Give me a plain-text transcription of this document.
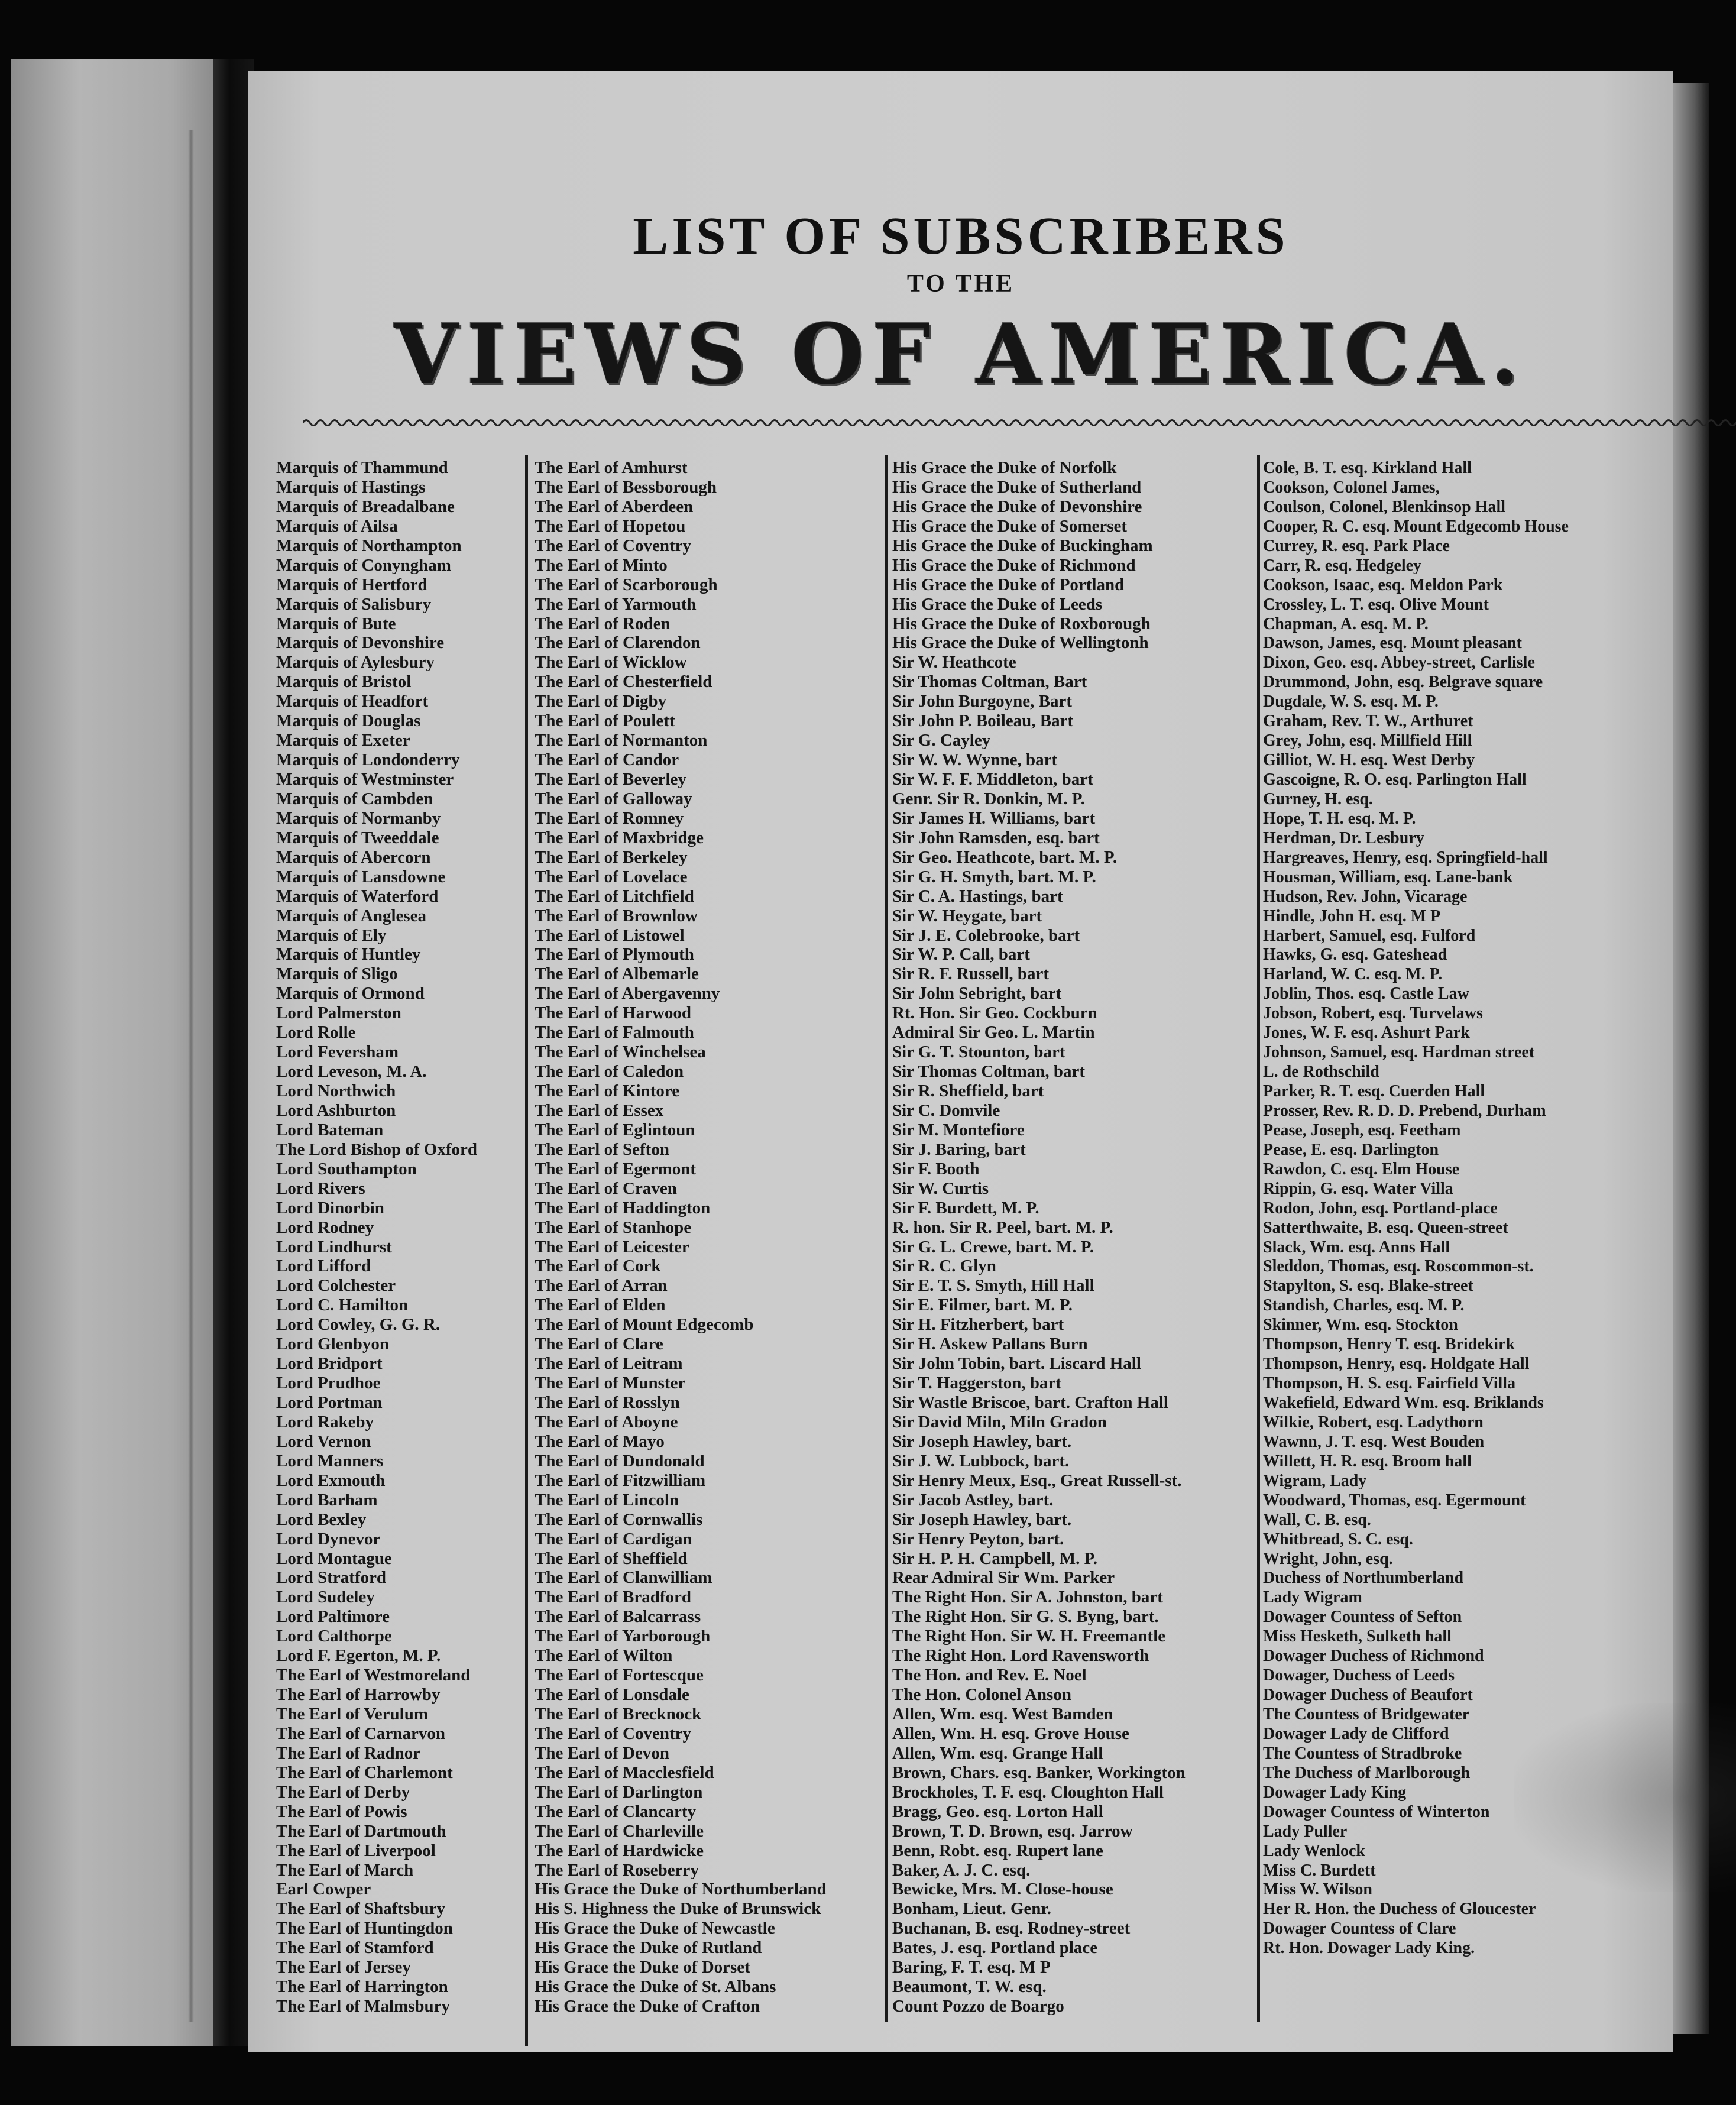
LIST OF SUBSCRIBERS
TO THE
VIEWS OF AMERICA.
Marquis of Thammund
Marquis of Hastings
Marquis of Breadalbane
Marquis of Ailsa
Marquis of Northampton
Marquis of Conyngham
Marquis of Hertford
Marquis of Salisbury
Marquis of Bute
Marquis of Devonshire
Marquis of Aylesbury
Marquis of Bristol
Marquis of Headfort
Marquis of Douglas
Marquis of Exeter
Marquis of Londonderry
Marquis of Westminster
Marquis of Cambden
Marquis of Normanby
Marquis of Tweeddale
Marquis of Abercorn
Marquis of Lansdowne
Marquis of Waterford
Marquis of Anglesea
Marquis of Ely
Marquis of Huntley
Marquis of Sligo
Marquis of Ormond
Lord Palmerston
Lord Rolle
Lord Feversham
Lord Leveson, M. A.
Lord Northwich
Lord Ashburton
Lord Bateman
The Lord Bishop of Oxford
Lord Southampton
Lord Rivers
Lord Dinorbin
Lord Rodney
Lord Lindhurst
Lord Lifford
Lord Colchester
Lord C. Hamilton
Lord Cowley, G. G. R.
Lord Glenbyon
Lord Bridport
Lord Prudhoe
Lord Portman
Lord Rakeby
Lord Vernon
Lord Manners
Lord Exmouth
Lord Barham
Lord Bexley
Lord Dynevor
Lord Montague
Lord Stratford
Lord Sudeley
Lord Paltimore
Lord Calthorpe
Lord F. Egerton, M. P.
The Earl of Westmoreland
The Earl of Harrowby
The Earl of Verulum
The Earl of Carnarvon
The Earl of Radnor
The Earl of Charlemont
The Earl of Derby
The Earl of Powis
The Earl of Dartmouth
The Earl of Liverpool
The Earl of March
Earl Cowper
The Earl of Shaftsbury
The Earl of Huntingdon
The Earl of Stamford
The Earl of Jersey
The Earl of Harrington
The Earl of Malmsbury
The Earl of Amhurst
The Earl of Bessborough
The Earl of Aberdeen
The Earl of Hopetou
The Earl of Coventry
The Earl of Minto
The Earl of Scarborough
The Earl of Yarmouth
The Earl of Roden
The Earl of Clarendon
The Earl of Wicklow
The Earl of Chesterfield
The Earl of Digby
The Earl of Poulett
The Earl of Normanton
The Earl of Candor
The Earl of Beverley
The Earl of Galloway
The Earl of Romney
The Earl of Maxbridge
The Earl of Berkeley
The Earl of Lovelace
The Earl of Litchfield
The Earl of Brownlow
The Earl of Listowel
The Earl of Plymouth
The Earl of Albemarle
The Earl of Abergavenny
The Earl of Harwood
The Earl of Falmouth
The Earl of Winchelsea
The Earl of Caledon
The Earl of Kintore
The Earl of Essex
The Earl of Eglintoun
The Earl of Sefton
The Earl of Egermont
The Earl of Craven
The Earl of Haddington
The Earl of Stanhope
The Earl of Leicester
The Earl of Cork
The Earl of Arran
The Earl of Elden
The Earl of Mount Edgecomb
The Earl of Clare
The Earl of Leitram
The Earl of Munster
The Earl of Rosslyn
The Earl of Aboyne
The Earl of Mayo
The Earl of Dundonald
The Earl of Fitzwilliam
The Earl of Lincoln
The Earl of Cornwallis
The Earl of Cardigan
The Earl of Sheffield
The Earl of Clanwilliam
The Earl of Bradford
The Earl of Balcarrass
The Earl of Yarborough
The Earl of Wilton
The Earl of Fortescque
The Earl of Lonsdale
The Earl of Brecknock
The Earl of Coventry
The Earl of Devon
The Earl of Macclesfield
The Earl of Darlington
The Earl of Clancarty
The Earl of Charleville
The Earl of Hardwicke
The Earl of Roseberry
His Grace the Duke of Northumberland
His S. Highness the Duke of Brunswick
His Grace the Duke of Newcastle
His Grace the Duke of Rutland
His Grace the Duke of Dorset
His Grace the Duke of St. Albans
His Grace the Duke of Crafton
His Grace the Duke of Norfolk
His Grace the Duke of Sutherland
His Grace the Duke of Devonshire
His Grace the Duke of Somerset
His Grace the Duke of Buckingham
His Grace the Duke of Richmond
His Grace the Duke of Portland
His Grace the Duke of Leeds
His Grace the Duke of Roxborough
His Grace the Duke of Wellingtonh
Sir W. Heathcote
Sir Thomas Coltman, Bart
Sir John Burgoyne, Bart
Sir John P. Boileau, Bart
Sir G. Cayley
Sir W. W. Wynne, bart
Sir W. F. F. Middleton, bart
Genr. Sir R. Donkin, M. P.
Sir James H. Williams, bart
Sir John Ramsden, esq. bart
Sir Geo. Heathcote, bart. M. P.
Sir G. H. Smyth, bart. M. P.
Sir C. A. Hastings, bart
Sir W. Heygate, bart
Sir J. E. Colebrooke, bart
Sir W. P. Call, bart
Sir R. F. Russell, bart
Sir John Sebright, bart
Rt. Hon. Sir Geo. Cockburn
Admiral Sir Geo. L. Martin
Sir G. T. Stounton, bart
Sir Thomas Coltman, bart
Sir R. Sheffield, bart
Sir C. Domvile
Sir M. Montefiore
Sir J. Baring, bart
Sir F. Booth
Sir W. Curtis
Sir F. Burdett, M. P.
R. hon. Sir R. Peel, bart. M. P.
Sir G. L. Crewe, bart. M. P.
Sir R. C. Glyn
Sir E. T. S. Smyth, Hill Hall
Sir E. Filmer, bart. M. P.
Sir H. Fitzherbert, bart
Sir H. Askew Pallans Burn
Sir John Tobin, bart. Liscard Hall
Sir T. Haggerston, bart
Sir Wastle Briscoe, bart. Crafton Hall
Sir David Miln, Miln Gradon
Sir Joseph Hawley, bart.
Sir J. W. Lubbock, bart.
Sir Henry Meux, Esq., Great Russell-st.
Sir Jacob Astley, bart.
Sir Joseph Hawley, bart.
Sir Henry Peyton, bart.
Sir H. P. H. Campbell, M. P.
Rear Admiral Sir Wm. Parker
The Right Hon. Sir A. Johnston, bart
The Right Hon. Sir G. S. Byng, bart.
The Right Hon. Sir W. H. Freemantle
The Right Hon. Lord Ravensworth
The Hon. and Rev. E. Noel
The Hon. Colonel Anson
Allen, Wm. esq. West Bamden
Allen, Wm. H. esq. Grove House
Allen, Wm. esq. Grange Hall
Brown, Chars. esq. Banker, Workington
Brockholes, T. F. esq. Cloughton Hall
Bragg, Geo. esq. Lorton Hall
Brown, T. D. Brown, esq. Jarrow
Benn, Robt. esq. Rupert lane
Baker, A. J. C. esq.
Bewicke, Mrs. M. Close-house
Bonham, Lieut. Genr.
Buchanan, B. esq. Rodney-street
Bates, J. esq. Portland place
Baring, F. T. esq. M P
Beaumont, T. W. esq.
Count Pozzo de Boargo
Cole, B. T. esq. Kirkland Hall
Cookson, Colonel James,
Coulson, Colonel, Blenkinsop Hall
Cooper, R. C. esq. Mount Edgecomb House
Currey, R. esq. Park Place
Carr, R. esq. Hedgeley
Cookson, Isaac, esq. Meldon Park
Crossley, L. T. esq. Olive Mount
Chapman, A. esq. M. P.
Dawson, James, esq. Mount pleasant
Dixon, Geo. esq. Abbey-street, Carlisle
Drummond, John, esq. Belgrave square
Dugdale, W. S. esq. M. P.
Graham, Rev. T. W., Arthuret
Grey, John, esq. Millfield Hill
Gilliot, W. H. esq. West Derby
Gascoigne, R. O. esq. Parlington Hall
Gurney, H. esq.
Hope, T. H. esq. M. P.
Herdman, Dr. Lesbury
Hargreaves, Henry, esq. Springfield-hall
Housman, William, esq. Lane-bank
Hudson, Rev. John, Vicarage
Hindle, John H. esq. M P
Harbert, Samuel, esq. Fulford
Hawks, G. esq. Gateshead
Harland, W. C. esq. M. P.
Joblin, Thos. esq. Castle Law
Jobson, Robert, esq. Turvelaws
Jones, W. F. esq. Ashurt Park
Johnson, Samuel, esq. Hardman street
L. de Rothschild
Parker, R. T. esq. Cuerden Hall
Prosser, Rev. R. D. D. Prebend, Durham
Pease, Joseph, esq. Feetham
Pease, E. esq. Darlington
Rawdon, C. esq. Elm House
Rippin, G. esq. Water Villa
Rodon, John, esq. Portland-place
Satterthwaite, B. esq. Queen-street
Slack, Wm. esq. Anns Hall
Sleddon, Thomas, esq. Roscommon-st.
Stapylton, S. esq. Blake-street
Standish, Charles, esq. M. P.
Skinner, Wm. esq. Stockton
Thompson, Henry T. esq. Bridekirk
Thompson, Henry, esq. Holdgate Hall
Thompson, H. S. esq. Fairfield Villa
Wakefield, Edward Wm. esq. Briklands
Wilkie, Robert, esq. Ladythorn
Wawnn, J. T. esq. West Bouden
Willett, H. R. esq. Broom hall
Wigram, Lady
Woodward, Thomas, esq. Egermount
Wall, C. B. esq.
Whitbread, S. C. esq.
Wright, John, esq.
Duchess of Northumberland
Lady Wigram
Dowager Countess of Sefton
Miss Hesketh, Sulketh hall
Dowager Duchess of Richmond
Dowager, Duchess of Leeds
Dowager Duchess of Beaufort
The Countess of Bridgewater
Dowager Lady de Clifford
The Countess of Stradbroke
The Duchess of Marlborough
Dowager Lady King
Dowager Countess of Winterton
Lady Puller
Lady Wenlock
Miss C. Burdett
Miss W. Wilson
Her R. Hon. the Duchess of Gloucester
Dowager Countess of Clare
Rt. Hon. Dowager Lady King.
